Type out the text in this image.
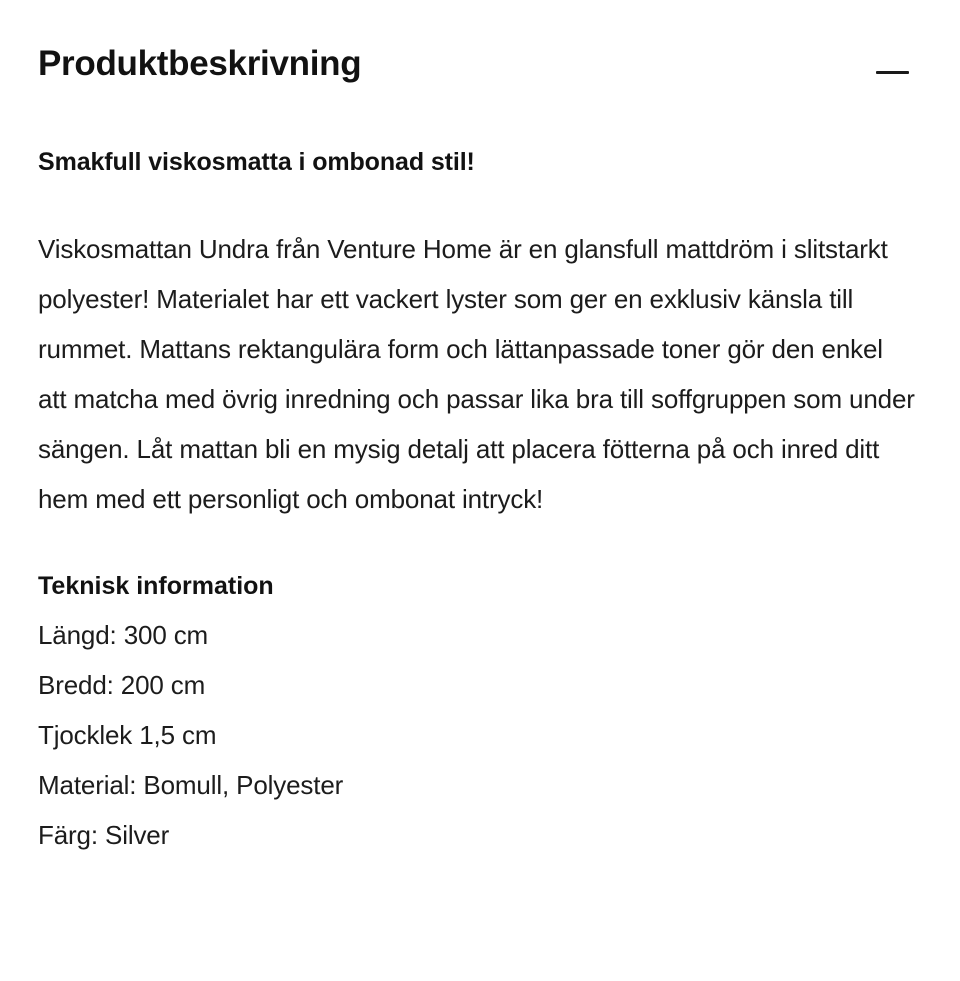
Produktbeskrivning
Smakfull viskosmatta i ombonad stil!

Viskosmattan Undra från Venture Home är en glansfull mattdröm i slitstarkt polyester! Materialet har ett vackert lyster som ger en exklusiv känsla till rummet. Mattans rektangulära form och lättanpassade toner gör den enkel att matcha med övrig inredning och passar lika bra till soffgruppen som under sängen. Låt mattan bli en mysig detalj att placera fötterna på och inred ditt hem med ett personligt och ombonat intryck!

Teknisk information
Längd: 300 cm
Bredd: 200 cm
Tjocklek 1,5 cm
Material: Bomull, Polyester
Färg: Silver
